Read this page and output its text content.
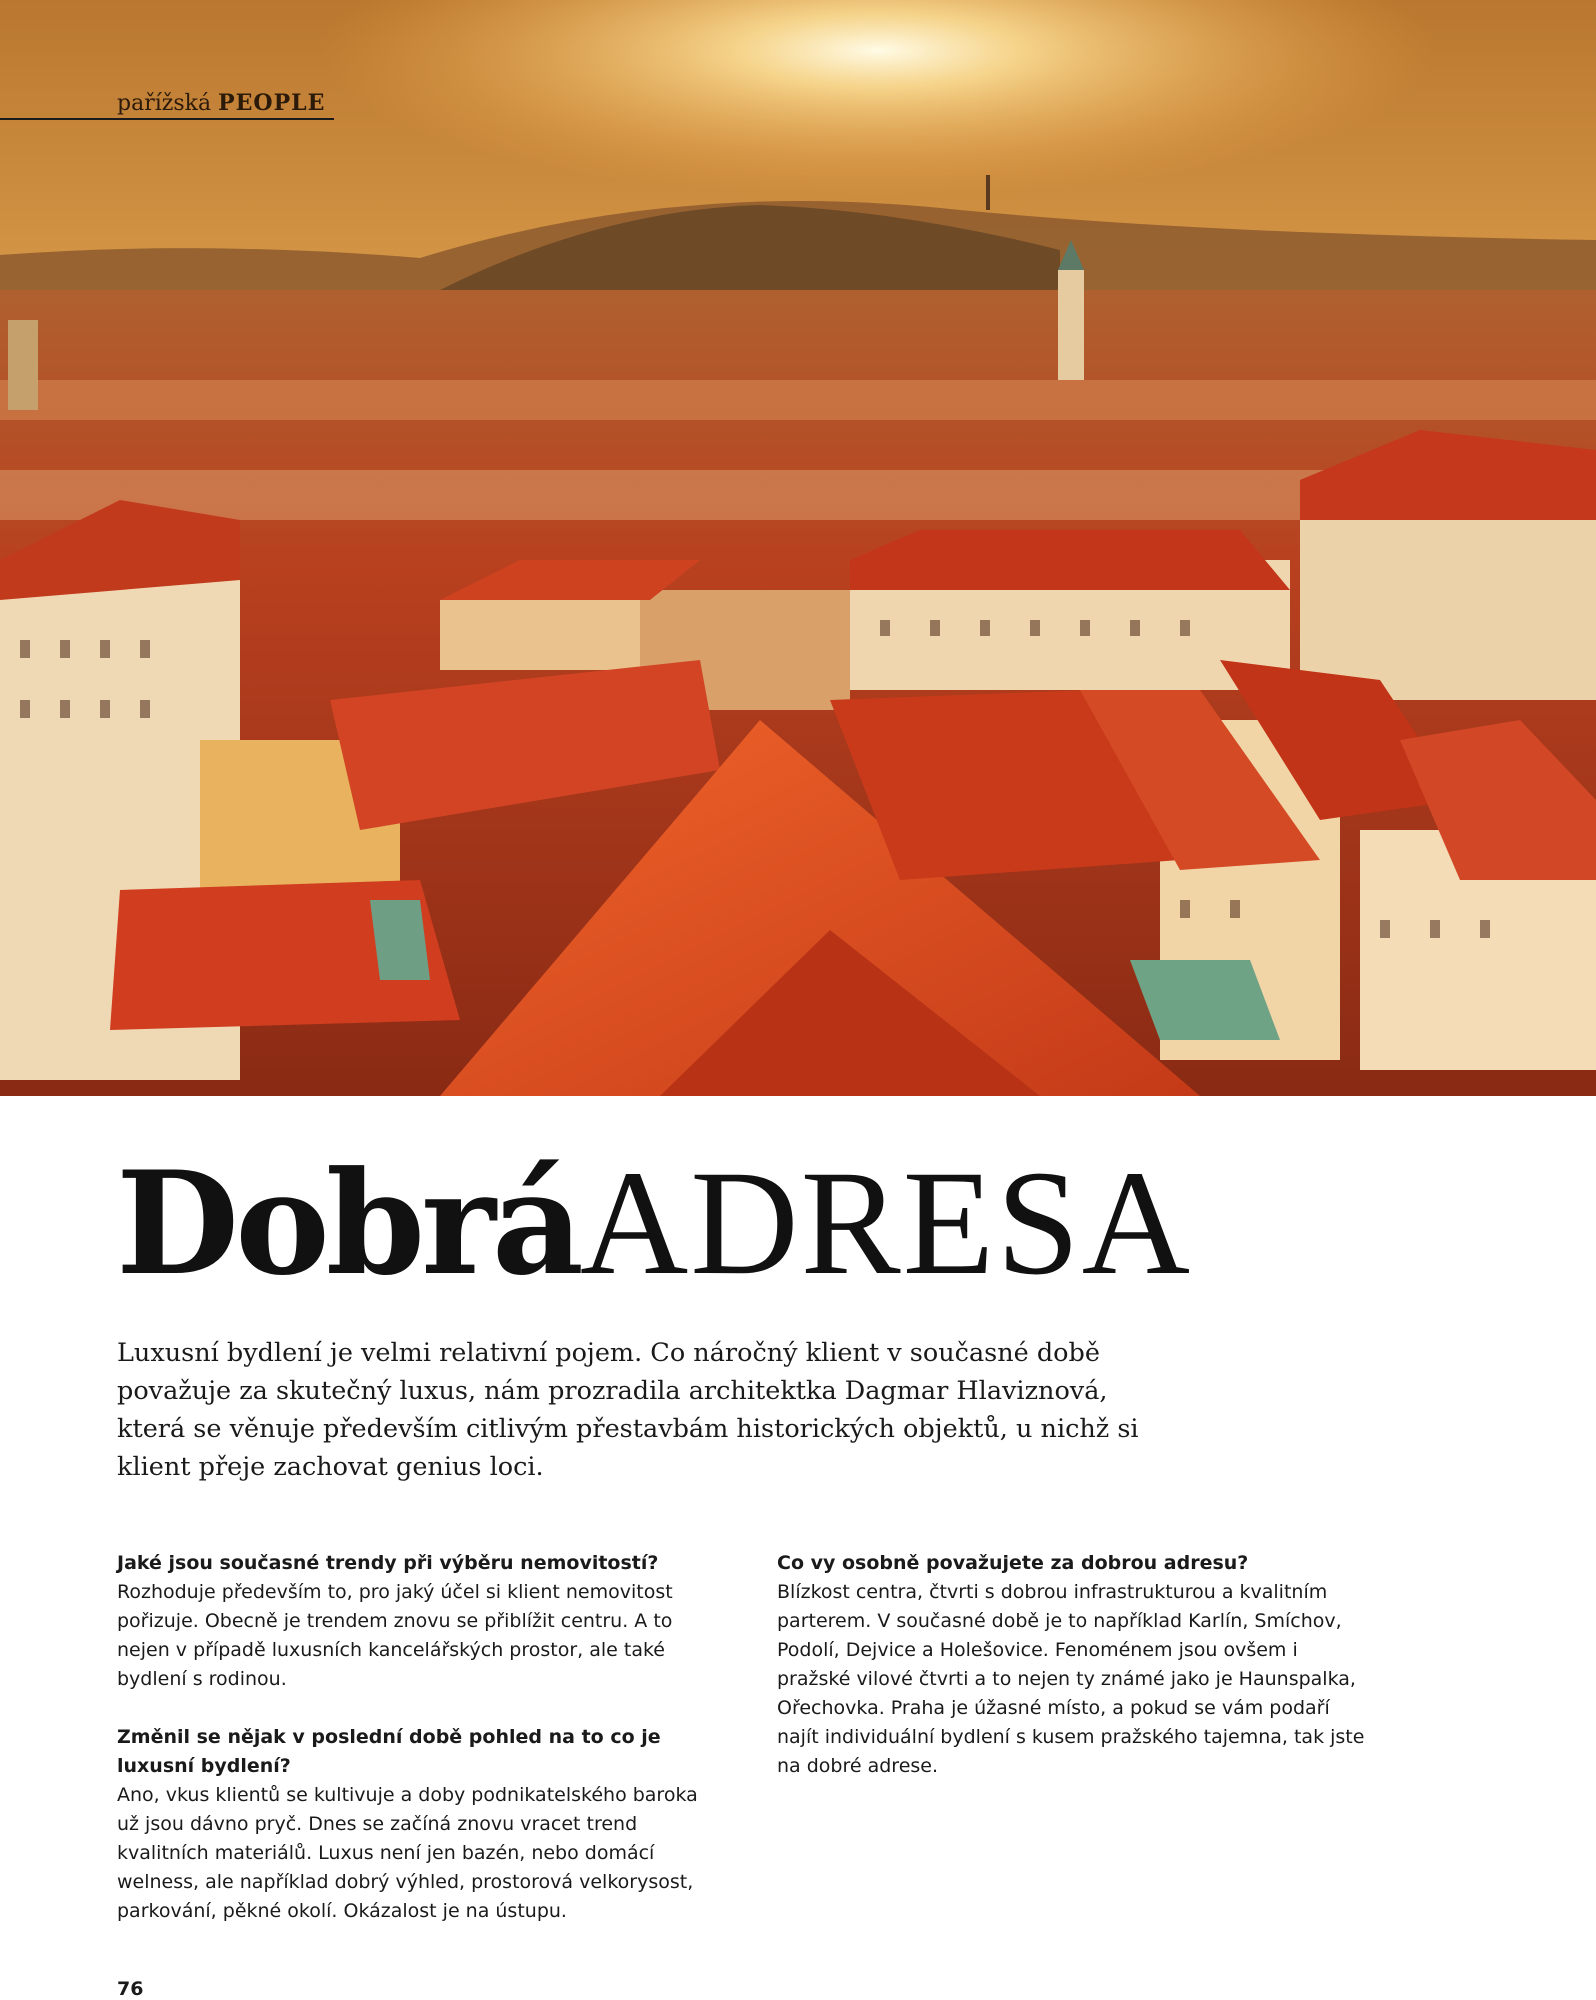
pařížská PEOPLE
DobráADRESA
Luxusní bydlení je velmi relativní pojem. Co náročný klient v současné době považuje za skutečný luxus, nám prozradila architektka Dagmar Hlaviznová, která se věnuje především citlivým přestavbám historických objektů, u nichž si klient přeje zachovat genius loci.
Jaké jsou současné trendy při výběru nemovitostí?
Rozhoduje především to, pro jaký účel si klient nemovitost pořizuje. Obecně je trendem znovu se přiblížit centru. A to nejen v případě luxusních kancelářských prostor, ale také bydlení s rodinou.
Změnil se nějak v poslední době pohled na to co je luxusní bydlení?
Ano, vkus klientů se kultivuje a doby podnikatelského baroka už jsou dávno pryč. Dnes se začíná znovu vracet trend kvalitních materiálů. Luxus není jen bazén, nebo domácí welness, ale například dobrý výhled, prostorová velkorysost, parkování, pěkné okolí. Okázalost je na ústupu.
Co vy osobně považujete za dobrou adresu?
Blízkost centra, čtvrti s dobrou infrastrukturou a kvalitním parterem. V současné době je to například Karlín, Smíchov, Podolí, Dejvice a Holešovice. Fenoménem jsou ovšem i pražské vilové čtvrti a to nejen ty známé jako je Haunspalka, Ořechovka. Praha je úžasné místo, a pokud se vám podaří najít individuální bydlení s kusem pražského tajemna, tak jste na dobré adrese.
76
